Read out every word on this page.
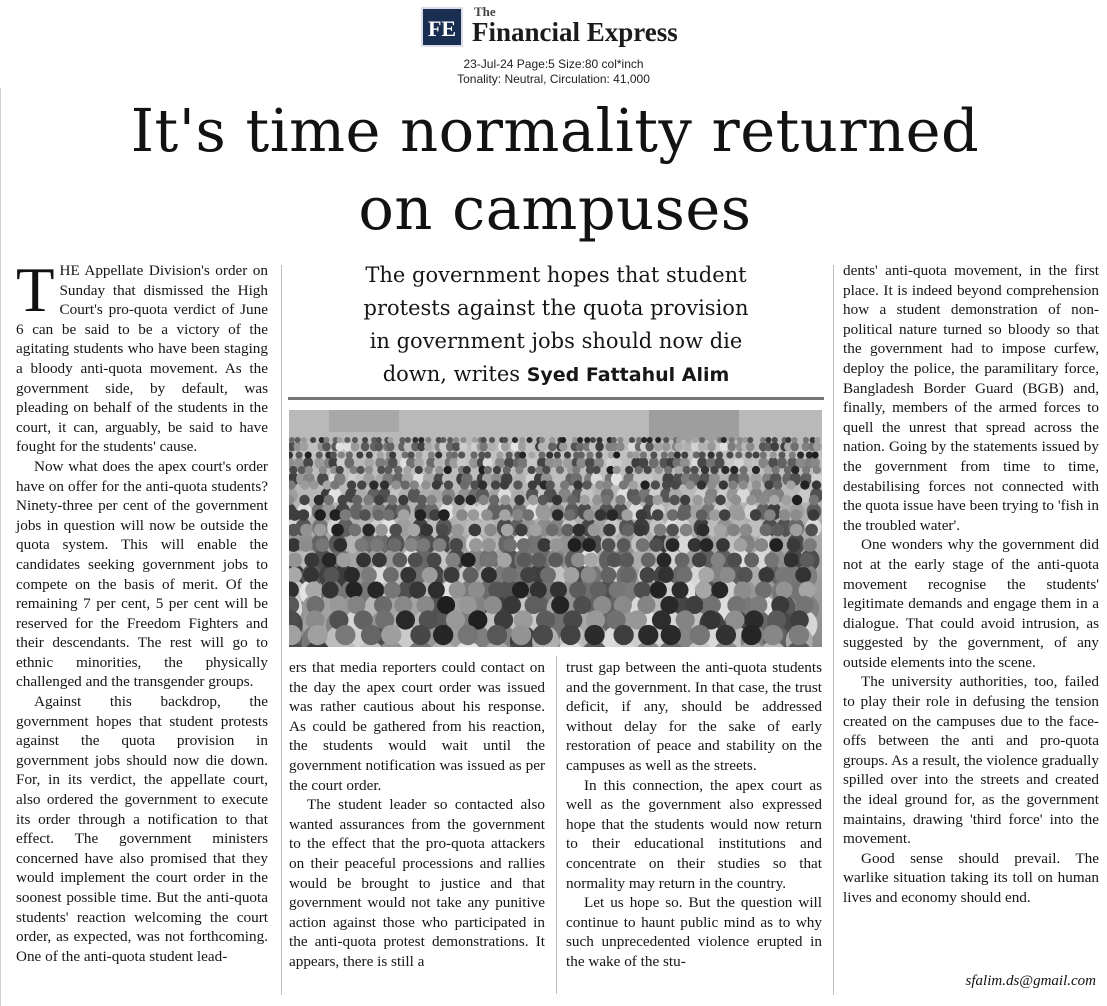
FE
The
Financial Express
23-Jul-24 Page:5 Size:80 col*inch
Tonality: Neutral, Circulation: 41,000
It's time normality returned
on campuses

THE Appellate Division's order on Sunday that dismissed the High Court's pro-quota verdict of June 6 can be said to be a victory of the agitating students who have been staging a bloody anti-quota movement. As the government side, by default, was pleading on behalf of the students in the court, it can, arguably, be said to have fought for the students' cause.

Now what does the apex court's order have on offer for the anti-quota students? Ninety-three per cent of the government jobs in question will now be outside the quota system. This will enable the candidates seeking government jobs to compete on the basis of merit. Of the remaining 7 per cent, 5 per cent will be reserved for the Freedom Fighters and their descendants. The rest will go to ethnic minorities, the physically challenged and the transgender groups.

Against this backdrop, the government hopes that student protests against the quota provision in government jobs should now die down. For, in its verdict, the appellate court, also ordered the government to execute its order through a notification to that effect. The government ministers concerned have also promised that they would implement the court order in the soonest possible time. But the anti-quota students' reaction welcoming the court order, as expected, was not forthcoming. One of the anti-quota student lead-

The government hopes that student
protests against the quota provision
in government jobs should now die
down, writes Syed Fattahul Alim

ers that media reporters could contact on the day the apex court order was issued was rather cautious about his response. As could be gathered from his reaction, the students would wait until the government notification was issued as per the court order.

The student leader so contacted also wanted assurances from the government to the effect that the pro-quota attackers on their peaceful processions and rallies would be brought to justice and that government would not take any punitive action against those who participated in the anti-quota protest demonstrations. It appears, there is still a

trust gap between the anti-quota students and the government. In that case, the trust deficit, if any, should be addressed without delay for the sake of early restoration of peace and stability on the campuses as well as the streets.

In this connection, the apex court as well as the government also expressed hope that the students would now return to their educational institutions and concentrate on their studies so that normality may return in the country.

Let us hope so. But the question will continue to haunt public mind as to why such unprecedented violence erupted in the wake of the stu-

dents' anti-quota movement, in the first place. It is indeed beyond comprehension how a student demonstration of non-political nature turned so bloody so that the government had to impose curfew, deploy the police, the paramilitary force, Bangladesh Border Guard (BGB) and, finally, members of the armed forces to quell the unrest that spread across the nation. Going by the statements issued by the government from time to time, destabilising forces not connected with the quota issue have been trying to 'fish in the troubled water'.

One wonders why the government did not at the early stage of the anti-quota movement recognise the students' legitimate demands and engage them in a dialogue. That could avoid intrusion, as suggested by the government, of any outside elements into the scene.

The university authorities, too, failed to play their role in defusing the tension created on the campuses due to the face-offs between the anti and pro-quota groups. As a result, the violence gradually spilled over into the streets and created the ideal ground for, as the government maintains, drawing 'third force' into the movement.

Good sense should prevail. The warlike situation taking its toll on human lives and economy should end.

sfalim.ds@gmail.com
